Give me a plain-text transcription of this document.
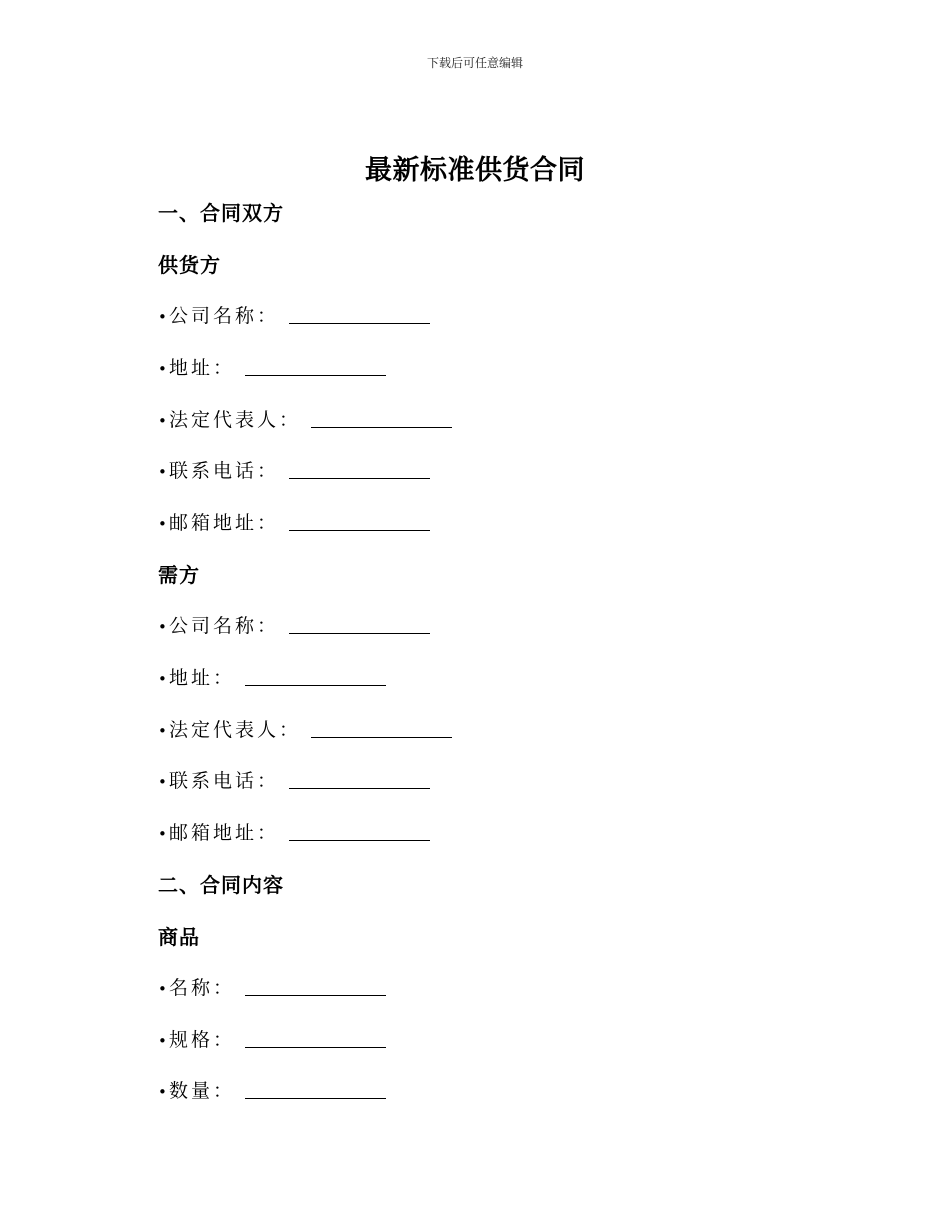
下载后可任意编辑
最新标准供货合同
一、合同双方
供货方
• 公司名称：
• 地址：
• 法定代表人：
• 联系电话：
• 邮箱地址：
需方
• 公司名称：
• 地址：
• 法定代表人：
• 联系电话：
• 邮箱地址：
二、合同内容
商品
• 名称：
• 规格：
• 数量：
